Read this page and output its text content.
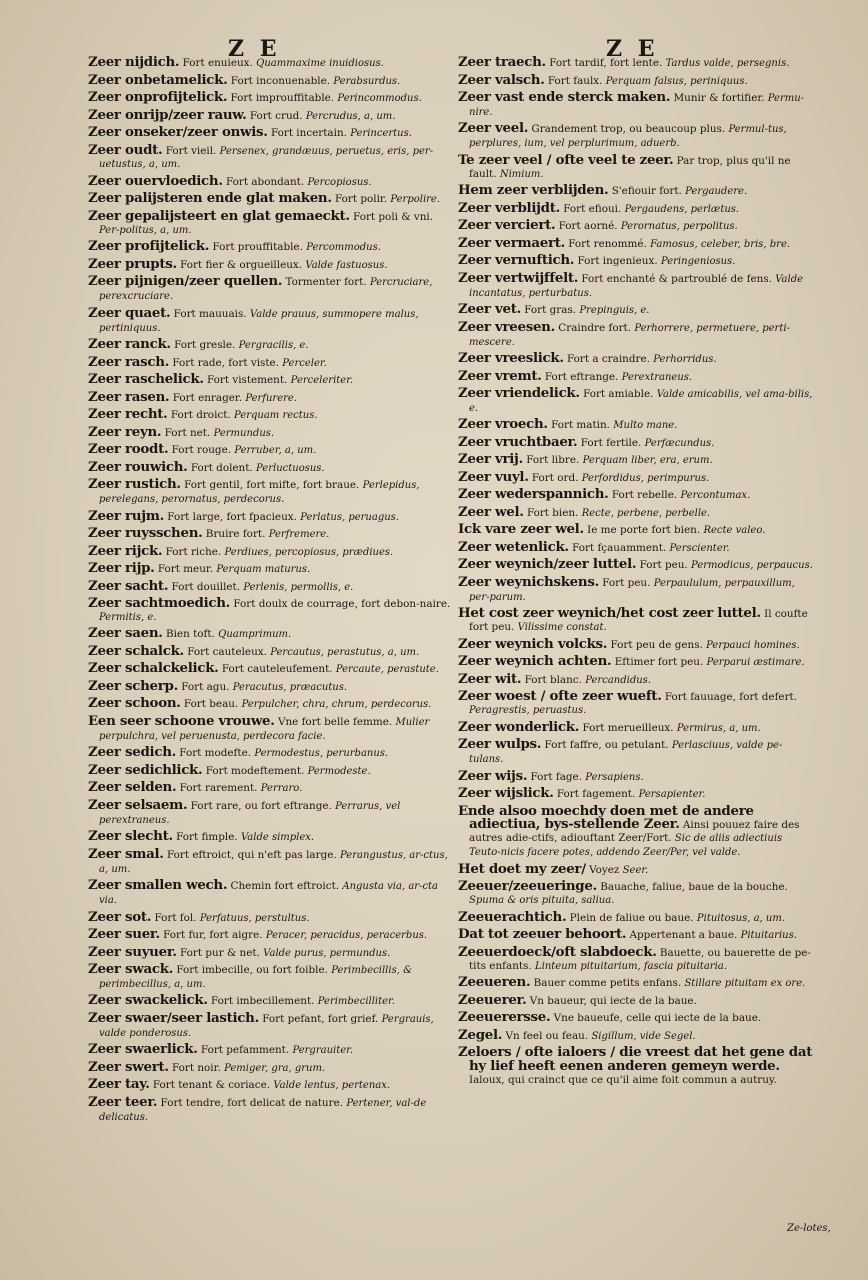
Z E	Z E
Zeer nijdich. Fort enuieux. Quammaxime inuidiosus.
Zeer onbetamelick. Fort inconuenable. Perabsurdus.
Zeer onprofijtelick. Fort improuffitable. Perincommodus.
Zeer onrijp/zeer rauw. Fort crud. Percrudus, a, um.
Zeer onseker/zeer onwis. Fort incertain. Perincertus.
Zeer oudt. Fort vieil. Persenex, grandæuus, peruetus, eris, per-uetustus, a, um.
Zeer ouervloedich. Fort abondant. Percopiosus.
Zeer palijsteren ende glat maken. Fort polir. Perpolire.
Zeer gepalijsteert en glat gemaeckt. Fort poli & vni. Per-politus, a, um.
Zeer profijtelick. Fort prouffitable. Percommodus.
Zeer prupts. Fort fier & orgueilleux. Valde fastuosus.
Zeer pijnigen/zeer quellen. Tormenter fort. Percruciare, perexcruciare.
Zeer quaet. Fort mauuais. Valde prauus, summopere malus, pertiniquus.
Zeer ranck. Fort gresle. Pergracilis, e.
Zeer rasch. Fort rade, fort viste. Perceler.
Zeer raschelick. Fort vistement. Perceleriter.
Zeer rasen. Fort enrager. Perfurere.
Zeer recht. Fort droict. Perquam rectus.
Zeer reyn. Fort net. Permundus.
Zeer roodt. Fort rouge. Perruber, a, um.
Zeer rouwich. Fort dolent. Perluctuosus.
Zeer rustich. Fort gentil, fort mifte, fort braue. Perlepidus, perelegans, perornatus, perdecorus.
Zeer rujm. Fort large, fort fpacieux. Perlatus, peruagus.
Zeer ruysschen. Bruire fort. Perfremere.
Zeer rijck. Fort riche. Perdiues, percopiosus, prædiues.
Zeer rijp. Fort meur. Perquam maturus.
Zeer sacht. Fort douillet. Perlenis, permollis, e.
Zeer sachtmoedich. Fort doulx de courrage, fort debon-naire. Permitis, e.
Zeer saen. Bien toft. Quamprimum.
Zeer schalck. Fort cauteleux. Percautus, perastutus, a, um.
Zeer schalckelick. Fort cauteleufement. Percaute, perastute.
Zeer scherp. Fort agu. Peracutus, præacutus.
Zeer schoon. Fort beau. Perpulcher, chra, chrum, perdecorus.
Een seer schoone vrouwe. Vne fort belle femme. Mulier perpulchra, vel peruenusta, perdecora facie.
Zeer sedich. Fort modefte. Permodestus, perurbanus.
Zeer sedichlick. Fort modeftement. Permodeste.
Zeer selden. Fort rarement. Perraro.
Zeer selsaem. Fort rare, ou fort eftrange. Perrarus, vel perextraneus.
Zeer slecht. Fort fimple. Valde simplex.
Zeer smal. Fort eftroict, qui n'eft pas large. Perangustus, ar-ctus, a, um.
Zeer smallen wech. Chemin fort eftroict. Angusta via, ar-cta via.
Zeer sot. Fort fol. Perfatuus, perstultus.
Zeer suer. Fort fur, fort aigre. Peracer, peracidus, peracerbus.
Zeer suyuer. Fort pur & net. Valde purus, permundus.
Zeer swack. Fort imbecille, ou fort foible. Perimbecillis, & perimbecillus, a, um.
Zeer swackelick. Fort imbecillement. Perimbecilliter.
Zeer swaer/seer lastich. Fort pefant, fort grief. Pergrauis, valde ponderosus.
Zeer swaerlick. Fort pefamment. Pergrauiter.
Zeer swert. Fort noir. Pemiger, gra, grum.
Zeer tay. Fort tenant & coriace. Valde lentus, pertenax.
Zeer teer. Fort tendre, fort delicat de nature. Pertener, val-de delicatus.
Zeer traech. Fort tardif, fort lente. Tardus valde, persegnis.
Zeer valsch. Fort faulx. Perquam falsus, periniquus.
Zeer vast ende sterck maken. Munir & fortifier. Permu-nire.
Zeer veel. Grandement trop, ou beaucoup plus. Permul-tus, perplures, ium, vel perplurimum, aduerb.
Te zeer veel / ofte veel te zeer. Par trop, plus qu'il ne fault. Nimium.
Hem zeer verblijden. S'efiouir fort. Pergaudere.
Zeer verblijdt. Fort efioui. Pergaudens, perlætus.
Zeer verciert. Fort aorné. Perornatus, perpolitus.
Zeer vermaert. Fort renommé. Famosus, celeber, bris, bre.
Zeer vernuftich. Fort ingenieux. Peringeniosus.
Zeer vertwijffelt. Fort enchanté & partroublé de fens. Valde incantatus, perturbatus.
Zeer vet. Fort gras. Prepinguis, e.
Zeer vreesen. Craindre fort. Perhorrere, permetuere, perti-mescere.
Zeer vreeslick. Fort a craindre. Perhorridus.
Zeer vremt. Fort eftrange. Perextraneus.
Zeer vriendelick. Fort amiable. Valde amicabilis, vel ama-bilis, e.
Zeer vroech. Fort matin. Multo mane.
Zeer vruchtbaer. Fort fertile. Perfæcundus.
Zeer vrij. Fort libre. Perquam liber, era, erum.
Zeer vuyl. Fort ord. Perfordidus, perimpurus.
Zeer wederspannich. Fort rebelle. Percontumax.
Zeer wel. Fort bien. Recte, perbene, perbelle.
Ick vare zeer wel. Ie me porte fort bien. Recte valeo.
Zeer wetenlick. Fort fçauamment. Perscienter.
Zeer weynich/zeer luttel. Fort peu. Permodicus, perpaucus.
Zeer weynichskens. Fort peu. Perpaululum, perpauxillum, per-parum.
Het cost zeer weynich/het cost zeer luttel. Il coufte fort peu. Vilissime constat.
Zeer weynich volcks. Fort peu de gens. Perpauci homines.
Zeer weynich achten. Eftimer fort peu. Perparui æstimare.
Zeer wit. Fort blanc. Percandidus.
Zeer woest / ofte zeer wueft. Fort fauuage, fort defert. Peragrestis, peruastus.
Zeer wonderlick. Fort merueilleux. Permirus, a, um.
Zeer wulps. Fort faffre, ou petulant. Perlasciuus, valde pe-tulans.
Zeer wijs. Fort fage. Persapiens.
Zeer wijslick. Fort fagement. Persapienter.
Ende alsoo moechdy doen met de andere adiectiua, bys-stellende Zeer. Ainsi pouuez faire des autres adie-ctifs, adiouftant Zeer/Fort. Sic de aliis adiectiuis Teuto-nicis facere potes, addendo Zeer/Per, vel valde.
Het doet my zeer/ Voyez Seer.
Zeeuer/zeeueringe. Bauache, faliue, baue de la bouche. Spuma & oris pituita, saliua.
Zeeuerachtich. Plein de faliue ou baue. Pituitosus, a, um.
Dat tot zeeuer behoort. Appertenant a baue. Pituitarius.
Zeeuerdoeck/oft slabdoeck. Bauette, ou bauerette de pe-tits enfants. Linteum pituitarium, fascia pituitaria.
Zeeueren. Bauer comme petits enfans. Stillare pituitam ex ore.
Zeeuerer. Vn baueur, qui iecte de la baue.
Zeeuerersse. Vne baueufe, celle qui iecte de la baue.
Zegel. Vn feel ou feau. Sigillum, vide Segel.
Zeloers / ofte ialoers / die vreest dat het gene dat hy lief heeft eenen anderen gemeyn werde. Ialoux, qui crainct que ce qu'il aime foit commun a autruy.
Ze-lotes,
